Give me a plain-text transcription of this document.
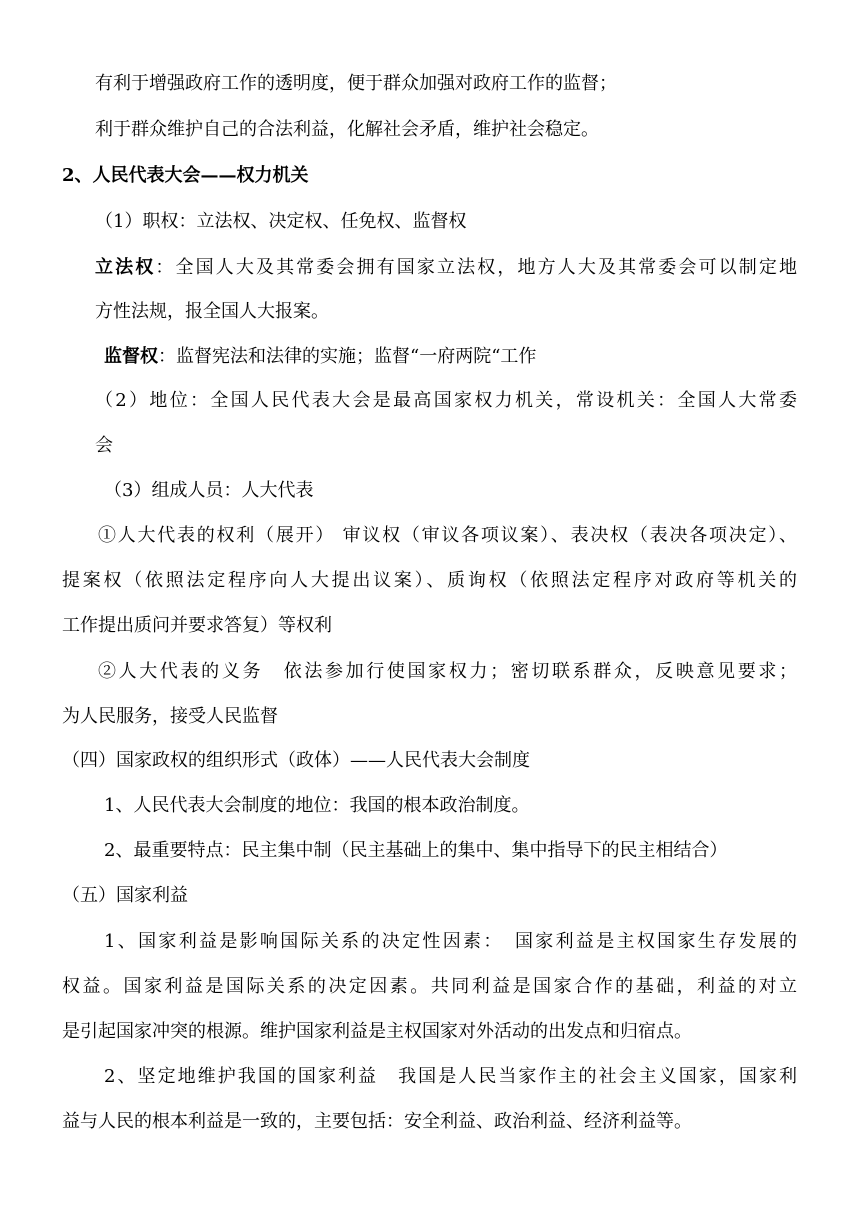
有利于增强政府工作的透明度，便于群众加强对政府工作的监督；
利于群众维护自己的合法利益，化解社会矛盾，维护社会稳定。
2、人民代表大会——权力机关
（1）职权：立法权、决定权、任免权、监督权
立法权：全国人大及其常委会拥有国家立法权，地方人大及其常委会可以制定地
方性法规，报全国人大报案。
监督权：监督宪法和法律的实施；监督“一府两院“工作
（2）地位：全国人民代表大会是最高国家权力机关，常设机关：全国人大常委
会
（3）组成人员：人大代表
①人大代表的权利（展开） 审议权（审议各项议案）、表决权（表决各项决定）、
提案权（依照法定程序向人大提出议案）、质询权（依照法定程序对政府等机关的
工作提出质问并要求答复）等权利
②人大代表的义务　依法参加行使国家权力；密切联系群众，反映意见要求；
为人民服务，接受人民监督
（四）国家政权的组织形式（政体）——人民代表大会制度
1、人民代表大会制度的地位：我国的根本政治制度。
2、最重要特点：民主集中制（民主基础上的集中、集中指导下的民主相结合）
（五）国家利益
1、国家利益是影响国际关系的决定性因素：　国家利益是主权国家生存发展的
权益。国家利益是国际关系的决定因素。共同利益是国家合作的基础，利益的对立
是引起国家冲突的根源。维护国家利益是主权国家对外活动的出发点和归宿点。
2、坚定地维护我国的国家利益　我国是人民当家作主的社会主义国家，国家利
益与人民的根本利益是一致的，主要包括：安全利益、政治利益、经济利益等。
